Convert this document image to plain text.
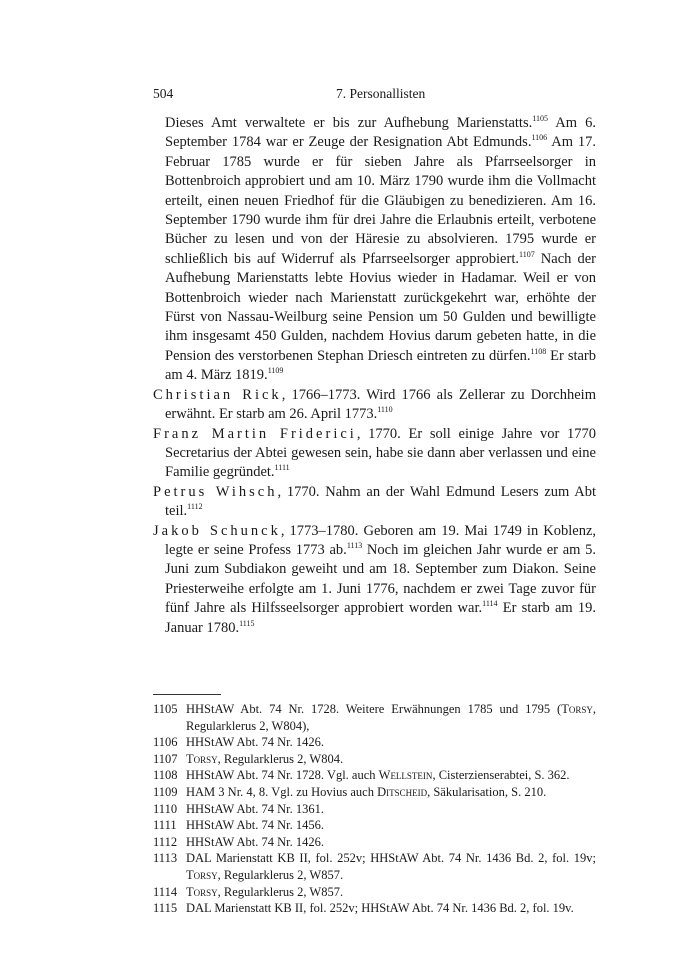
504	7. Personallisten

Dieses Amt verwaltete er bis zur Aufhebung Marienstatts.$^{1105}$ Am 6. September 1784 war er Zeuge der Resignation Abt Edmunds.$^{1106}$ Am 17. Februar 1785 wurde er für sieben Jahre als Pfarrseelsorger in Bottenbroich approbiert und am 10. März 1790 wurde ihm die Vollmacht erteilt, einen neuen Friedhof für die Gläubigen zu benedizieren. Am 16. September 1790 wurde ihm für drei Jahre die Erlaubnis erteilt, verbotene Bücher zu lesen und von der Häresie zu absolvieren. 1795 wurde er schließlich bis auf Widerruf als Pfarrseelsorger approbiert.$^{1107}$ Nach der Aufhebung Marienstatts lebte Hovius wieder in Hadamar. Weil er von Bottenbroich wieder nach Marienstatt zurückgekehrt war, erhöhte der Fürst von Nassau-Weilburg seine Pension um 50 Gulden und bewilligte ihm insgesamt 450 Gulden, nachdem Hovius darum gebeten hatte, in die Pension des verstorbenen Stephan Driesch eintreten zu dürfen.$^{1108}$ Er starb am 4. März 1819.$^{1109}$

Christian Rick, 1766–1773. Wird 1766 als Zellerar zu Dorchheim erwähnt. Er starb am 26. April 1773.$^{1110}$

Franz Martin Friderici, 1770. Er soll einige Jahre vor 1770 Secretarius der Abtei gewesen sein, habe sie dann aber verlassen und eine Familie gegründet.$^{1111}$

Petrus Wihsch, 1770. Nahm an der Wahl Edmund Lesers zum Abt teil.$^{1112}$

Jakob Schunck, 1773–1780. Geboren am 19. Mai 1749 in Koblenz, legte er seine Profess 1773 ab.$^{1113}$ Noch im gleichen Jahr wurde er am 5. Juni zum Subdiakon geweiht und am 18. September zum Diakon. Seine Priesterweihe erfolgte am 1. Juni 1776, nachdem er zwei Tage zuvor für fünf Jahre als Hilfsseelsorger approbiert worden war.$^{1114}$ Er starb am 19. Januar 1780.$^{1115}$

1105 HHStAW Abt. 74 Nr. 1728. Weitere Erwähnungen 1785 und 1795 (Torsy, Regularklerus 2, W804),
1106 HHStAW Abt. 74 Nr. 1426.
1107 Torsy, Regularklerus 2, W804.
1108 HHStAW Abt. 74 Nr. 1728. Vgl. auch Wellstein, Cisterzienserabtei, S. 362.
1109 HAM 3 Nr. 4, 8. Vgl. zu Hovius auch Ditscheid, Säkularisation, S. 210.
1110 HHStAW Abt. 74 Nr. 1361.
1111 HHStAW Abt. 74 Nr. 1456.
1112 HHStAW Abt. 74 Nr. 1426.
1113 DAL Marienstatt KB II, fol. 252v; HHStAW Abt. 74 Nr. 1436 Bd. 2, fol. 19v; Torsy, Regularklerus 2, W857.
1114 Torsy, Regularklerus 2, W857.
1115 DAL Marienstatt KB II, fol. 252v; HHStAW Abt. 74 Nr. 1436 Bd. 2, fol. 19v.
